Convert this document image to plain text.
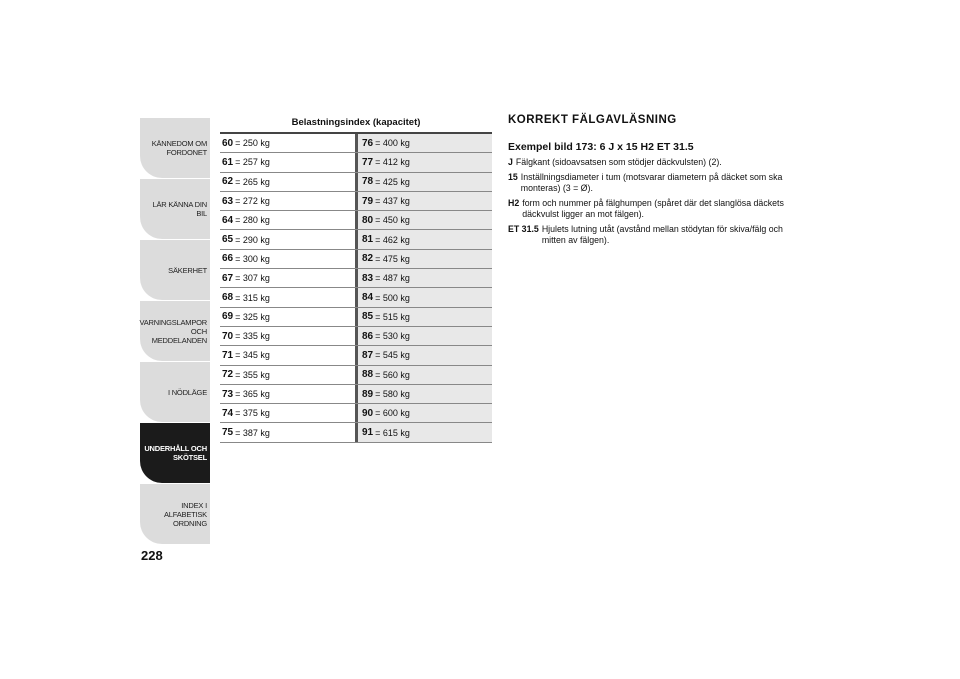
KÄNNEDOM OM
FORDONET
LÄR KÄNNA DIN BIL
SÄKERHET
VARNINGSLAMPOR
OCH MEDDELANDEN
I NÖDLÄGE
UNDERHÅLL OCH
SKÖTSEL
INDEX I ALFABETISK
ORDNING
228
Belastningsindex (kapacitet)
60 = 250 kg	76 = 400 kg
61 = 257 kg	77 = 412 kg
62 = 265 kg	78 = 425 kg
63 = 272 kg	79 = 437 kg
64 = 280 kg	80 = 450 kg
65 = 290 kg	81 = 462 kg
66 = 300 kg	82 = 475 kg
67 = 307 kg	83 = 487 kg
68 = 315 kg	84 = 500 kg
69 = 325 kg	85 = 515 kg
70 = 335 kg	86 = 530 kg
71 = 345 kg	87 = 545 kg
72 = 355 kg	88 = 560 kg
73 = 365 kg	89 = 580 kg
74 = 375 kg	90 = 600 kg
75 = 387 kg	91 = 615 kg
KORREKT FÄLGAVLÄSNING
Exempel bild 173: 6 J x 15 H2 ET 31.5
J Fälgkant (sidoavsatsen som stödjer däckvulsten) (2).
15 Inställningsdiameter i tum (motsvarar diametern på däcket som ska monteras) (3 = Ø).
H2 form och nummer på fälghumpen (spåret där det slanglösa däckets däckvulst ligger an mot fälgen).
ET 31.5 Hjulets lutning utåt (avstånd mellan stödytan för skiva/fälg och mitten av fälgen).
